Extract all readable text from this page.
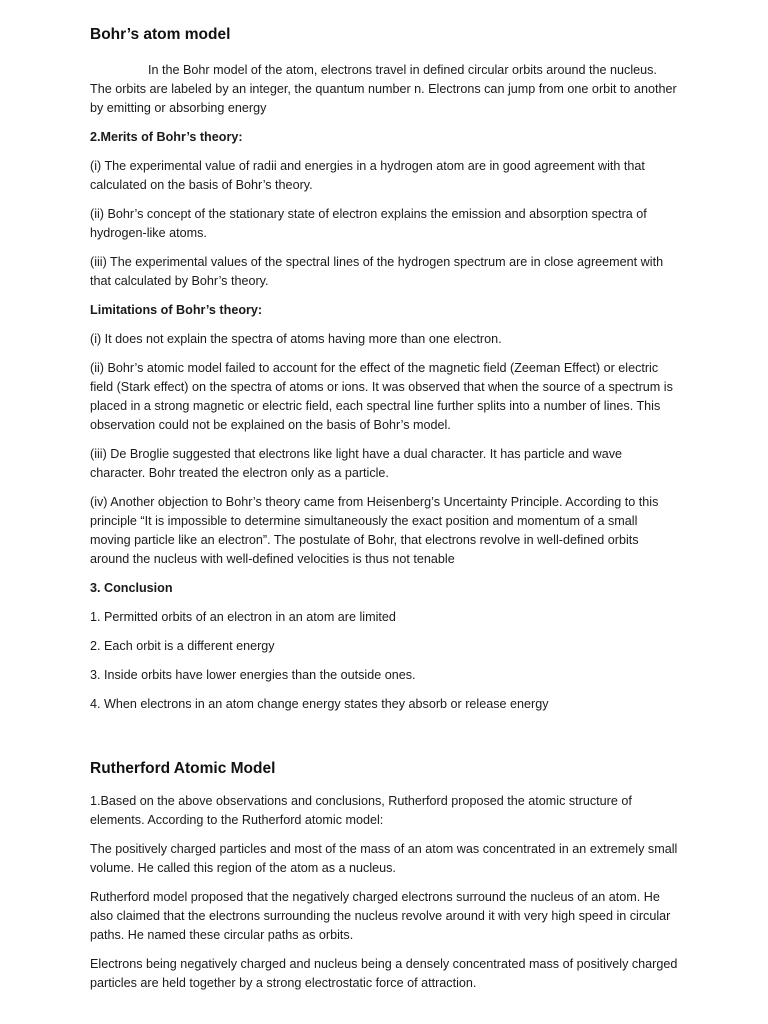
Bohr’s atom model

In the Bohr model of the atom, electrons travel in defined circular orbits around the nucleus. The orbits are labeled by an integer, the quantum number n. Electrons can jump from one orbit to another by emitting or absorbing energy

2.Merits of Bohr’s theory:

(i) The experimental value of radii and energies in a hydrogen atom are in good agreement with that calculated on the basis of Bohr’s theory.

(ii) Bohr’s concept of the stationary state of electron explains the emission and absorption spectra of hydrogen-like atoms.

(iii) The experimental values of the spectral lines of the hydrogen spectrum are in close agreement with that calculated by Bohr’s theory.

Limitations of Bohr’s theory:

(i) It does not explain the spectra of atoms having more than one electron.

(ii) Bohr’s atomic model failed to account for the effect of the magnetic field (Zeeman Effect) or electric field (Stark effect) on the spectra of atoms or ions. It was observed that when the source of a spectrum is placed in a strong magnetic or electric field, each spectral line further splits into a number of lines. This observation could not be explained on the basis of Bohr’s model.

(iii) De Broglie suggested that electrons like light have a dual character. It has particle and wave character. Bohr treated the electron only as a particle.

(iv) Another objection to Bohr’s theory came from Heisenberg’s Uncertainty Principle. According to this principle “It is impossible to determine simultaneously the exact position and momentum of a small moving particle like an electron”. The postulate of Bohr, that electrons revolve in well-defined orbits around the nucleus with well-defined velocities is thus not tenable

3. Conclusion

1. Permitted orbits of an electron in an atom are limited

2. Each orbit is a different energy

3. Inside orbits have lower energies than the outside ones.

4. When electrons in an atom change energy states they absorb or release energy

Rutherford Atomic Model

1.Based on the above observations and conclusions, Rutherford proposed the atomic structure of elements. According to the Rutherford atomic model:

The positively charged particles and most of the mass of an atom was concentrated in an extremely small volume. He called this region of the atom as a nucleus.

Rutherford model proposed that the negatively charged electrons surround the nucleus of an atom. He also claimed that the electrons surrounding the nucleus revolve around it with very high speed in circular paths. He named these circular paths as orbits.

Electrons being negatively charged and nucleus being a densely concentrated mass of positively charged particles are held together by a strong electrostatic force of attraction.
